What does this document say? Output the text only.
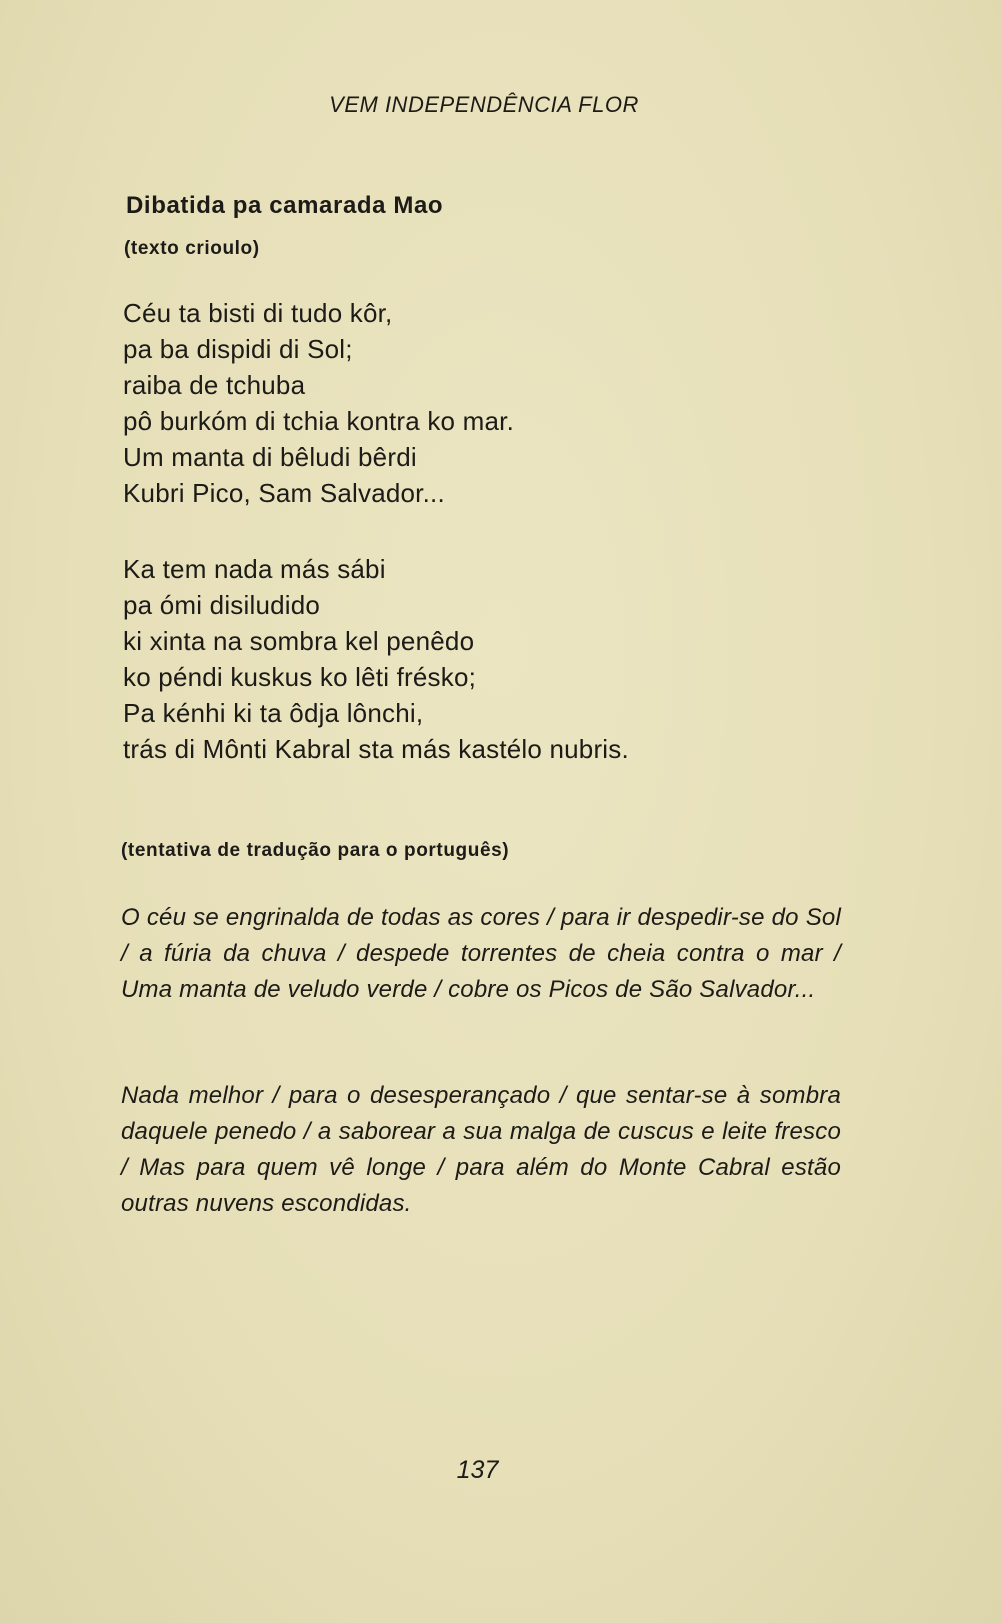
VEM INDEPENDÊNCIA FLOR
Dibatida pa camarada Mao
(texto crioulo)
Céu ta bisti di tudo kôr,
pa ba dispidi di Sol;
raiba de tchuba
pô burkóm di tchia kontra ko mar.
Um manta di bêludi bêrdi
Kubri Pico, Sam Salvador...
Ka tem nada más sábi
pa ómi disiludido
ki xinta na sombra kel penêdo
ko péndi kuskus ko lêti frésko;
Pa kénhi ki ta ôdja lônchi,
trás di Mônti Kabral sta más kastélo nubris.
(tentativa de tradução para o português)

O céu se engrinalda de todas as cores / para ir despedir-se do Sol / a fúria da chuva / despede torrentes de cheia contra o mar / Uma manta de veludo verde / cobre os Picos de São Salvador...

Nada melhor / para o desesperançado / que sentar-se à sombra daquele penedo / a saborear a sua malga de cuscus e leite fresco / Mas para quem vê longe / para além do Monte Cabral estão outras nuvens escondidas.

137
